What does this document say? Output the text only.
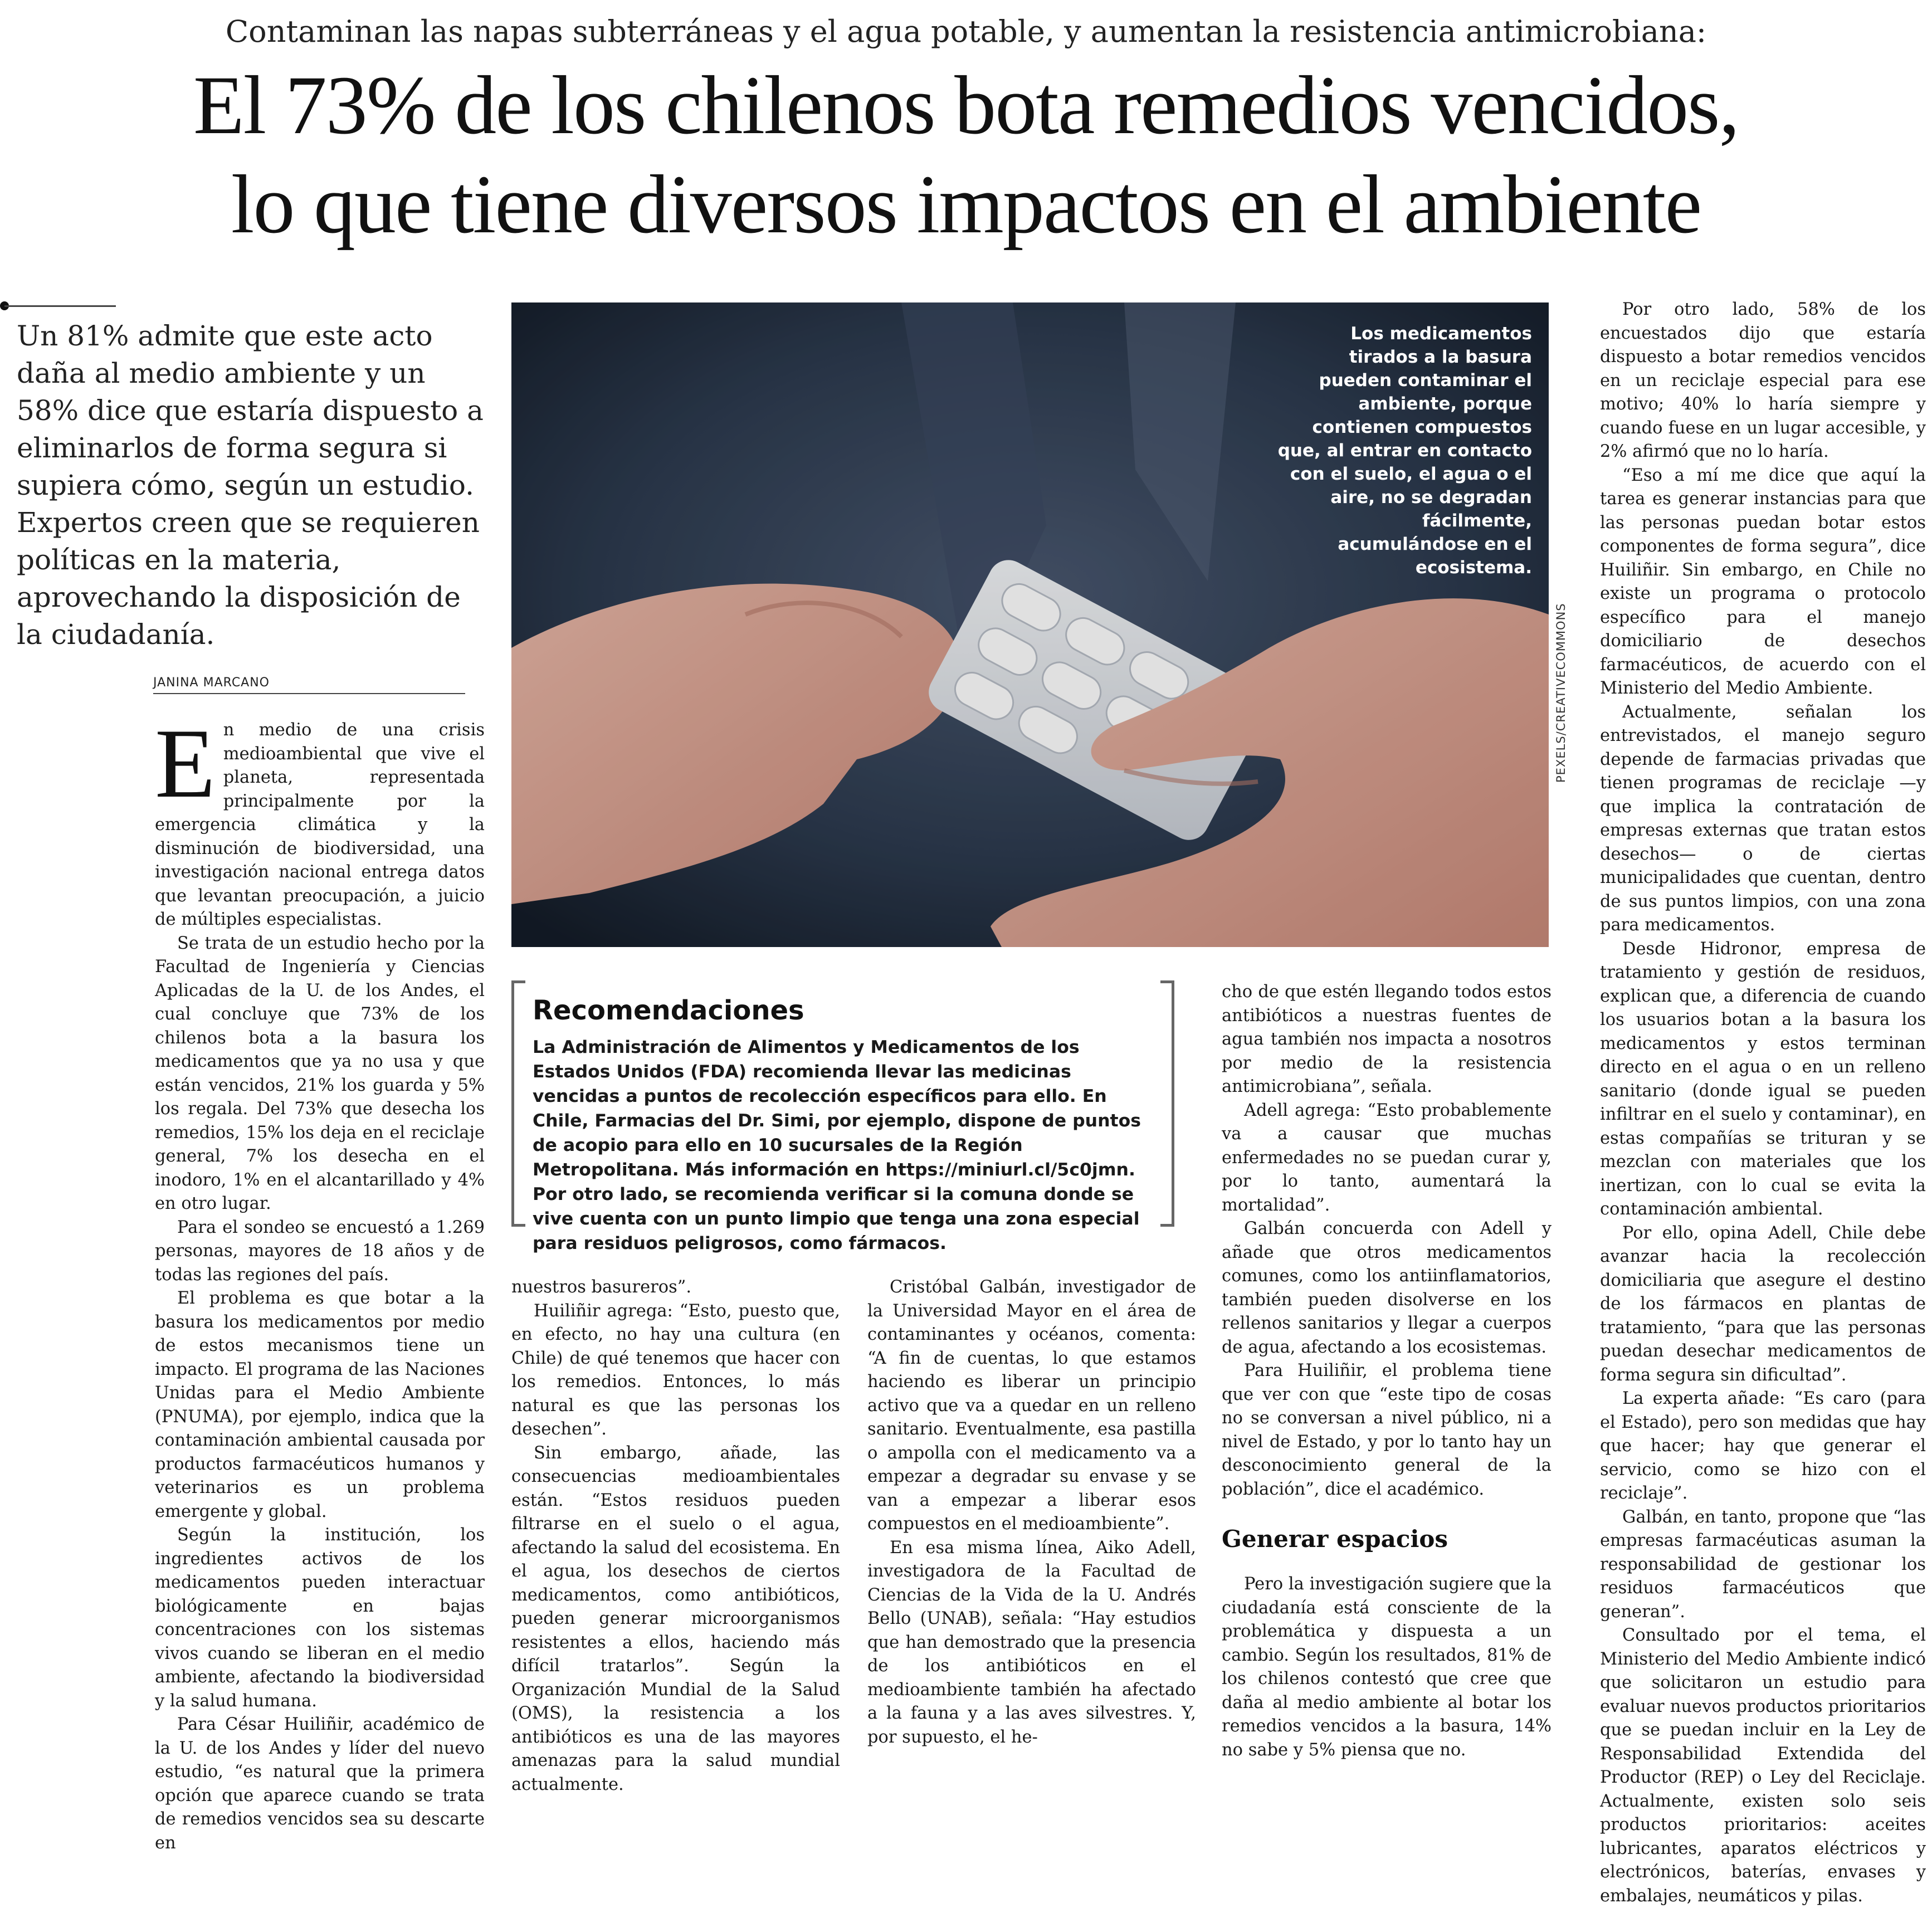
Contaminan las napas subterráneas y el agua potable, y aumentan la resistencia antimicrobiana:
El 73% de los chilenos bota remedios vencidos,
lo que tiene diversos impactos en el ambiente
Un 81% admite que este acto daña al medio ambiente y un 58% dice que estaría dispuesto a eliminarlos de forma segura si supiera cómo, según un estudio. Expertos creen que se requieren políticas en la materia, aprovechando la disposición de la ciudadanía.
JANINA MARCANO
Los medicamentos tirados a la basura pueden contaminar el ambiente, porque contienen compuestos que, al entrar en contacto con el suelo, el agua o el aire, no se degradan fácilmente, acumulándose en el ecosistema.
PEXELS/CREATIVECOMMONS
Recomendaciones
La Administración de Alimentos y Medicamentos de los Estados Unidos (FDA) recomienda llevar las medicinas vencidas a puntos de recolección específicos para ello. En Chile, Farmacias del Dr. Simi, por ejemplo, dispone de puntos de acopio para ello en 10 sucursales de la Región Metropolitana. Más información en https://miniurl.cl/5c0jmn. Por otro lado, se recomienda verificar si la comuna donde se vive cuenta con un punto limpio que tenga una zona especial para residuos peligrosos, como fármacos.

En medio de una crisis medioambiental que vive el planeta, representada principalmente por la emergencia climática y la disminución de biodiversidad, una investigación nacional entrega datos que levantan preocupación, a juicio de múltiples especialistas.

Se trata de un estudio hecho por la Facultad de Ingeniería y Ciencias Aplicadas de la U. de los Andes, el cual concluye que 73% de los chilenos bota a la basura los medicamentos que ya no usa y que están vencidos, 21% los guarda y 5% los regala. Del 73% que desecha los remedios, 15% los deja en el reciclaje general, 7% los desecha en el inodoro, 1% en el alcantarillado y 4% en otro lugar.

Para el sondeo se encuestó a 1.269 personas, mayores de 18 años y de todas las regiones del país.

El problema es que botar a la basura los medicamentos por medio de estos mecanismos tiene un impacto. El programa de las Naciones Unidas para el Medio Ambiente (PNUMA), por ejemplo, indica que la contaminación ambiental causada por productos farmacéuticos humanos y veterinarios es un problema emergente y global.

Según la institución, los ingredientes activos de los medicamentos pueden interactuar biológicamente en bajas concentraciones con los sistemas vivos cuando se liberan en el medio ambiente, afectando la biodiversidad y la salud humana.

Para César Huiliñir, académico de la U. de los Andes y líder del nuevo estudio, “es natural que la primera opción que aparece cuando se trata de remedios vencidos sea su descarte en

nuestros basureros”.

Huiliñir agrega: “Esto, puesto que, en efecto, no hay una cultura (en Chile) de qué tenemos que hacer con los remedios. Entonces, lo más natural es que las personas los desechen”.

Sin embargo, añade, las consecuencias medioambientales están. “Estos residuos pueden filtrarse en el suelo o el agua, afectando la salud del ecosistema. En el agua, los desechos de ciertos medicamentos, como antibióticos, pueden generar microorganismos resistentes a ellos, haciendo más difícil tratarlos”. Según la Organización Mundial de la Salud (OMS), la resistencia a los antibióticos es una de las mayores amenazas para la salud mundial actualmente.

Cristóbal Galbán, investigador de la Universidad Mayor en el área de contaminantes y océanos, comenta: “A fin de cuentas, lo que estamos haciendo es liberar un principio activo que va a quedar en un relleno sanitario. Eventualmente, esa pastilla o ampolla con el medicamento va a empezar a degradar su envase y se van a empezar a liberar esos compuestos en el medioambiente”.

En esa misma línea, Aiko Adell, investigadora de la Facultad de Ciencias de la Vida de la U. Andrés Bello (UNAB), señala: “Hay estudios que han demostrado que la presencia de los antibióticos en el medioambiente también ha afectado a la fauna y a las aves silvestres. Y, por supuesto, el he-

cho de que estén llegando todos estos antibióticos a nuestras fuentes de agua también nos impacta a nosotros por medio de la resistencia antimicrobiana”, señala.

Adell agrega: “Esto probablemente va a causar que muchas enfermedades no se puedan curar y, por lo tanto, aumentará la mortalidad”.

Galbán concuerda con Adell y añade que otros medicamentos comunes, como los antiinflamatorios, también pueden disolverse en los rellenos sanitarios y llegar a cuerpos de agua, afectando a los ecosistemas.

Para Huiliñir, el problema tiene que ver con que “este tipo de cosas no se conversan a nivel público, ni a nivel de Estado, y por lo tanto hay un desconocimiento general de la población”, dice el académico.

Generar espacios

Pero la investigación sugiere que la ciudadanía está consciente de la problemática y dispuesta a un cambio. Según los resultados, 81% de los chilenos contestó que cree que daña al medio ambiente al botar los remedios vencidos a la basura, 14% no sabe y 5% piensa que no.

Por otro lado, 58% de los encuestados dijo que estaría dispuesto a botar remedios vencidos en un reciclaje especial para ese motivo; 40% lo haría siempre y cuando fuese en un lugar accesible, y 2% afirmó que no lo haría.

“Eso a mí me dice que aquí la tarea es generar instancias para que las personas puedan botar estos componentes de forma segura”, dice Huiliñir. Sin embargo, en Chile no existe un programa o protocolo específico para el manejo domiciliario de desechos farmacéuticos, de acuerdo con el Ministerio del Medio Ambiente.

Actualmente, señalan los entrevistados, el manejo seguro depende de farmacias privadas que tienen programas de reciclaje —y que implica la contratación de empresas externas que tratan estos desechos— o de ciertas municipalidades que cuentan, dentro de sus puntos limpios, con una zona para medicamentos.

Desde Hidronor, empresa de tratamiento y gestión de residuos, explican que, a diferencia de cuando los usuarios botan a la basura los medicamentos y estos terminan directo en el agua o en un relleno sanitario (donde igual se pueden infiltrar en el suelo y contaminar), en estas compañías se trituran y se mezclan con materiales que los inertizan, con lo cual se evita la contaminación ambiental.

Por ello, opina Adell, Chile debe avanzar hacia la recolección domiciliaria que asegure el destino de los fármacos en plantas de tratamiento, “para que las personas puedan desechar medicamentos de forma segura sin dificultad”.

La experta añade: “Es caro (para el Estado), pero son medidas que hay que hacer; hay que generar el servicio, como se hizo con el reciclaje”.

Galbán, en tanto, propone que “las empresas farmacéuticas asuman la responsabilidad de gestionar los residuos farmacéuticos que generan”.

Consultado por el tema, el Ministerio del Medio Ambiente indicó que solicitaron un estudio para evaluar nuevos productos prioritarios que se puedan incluir en la Ley de Responsabilidad Extendida del Productor (REP) o Ley del Reciclaje. Actualmente, existen solo seis productos prioritarios: aceites lubricantes, aparatos eléctricos y electrónicos, baterías, envases y embalajes, neumáticos y pilas.
